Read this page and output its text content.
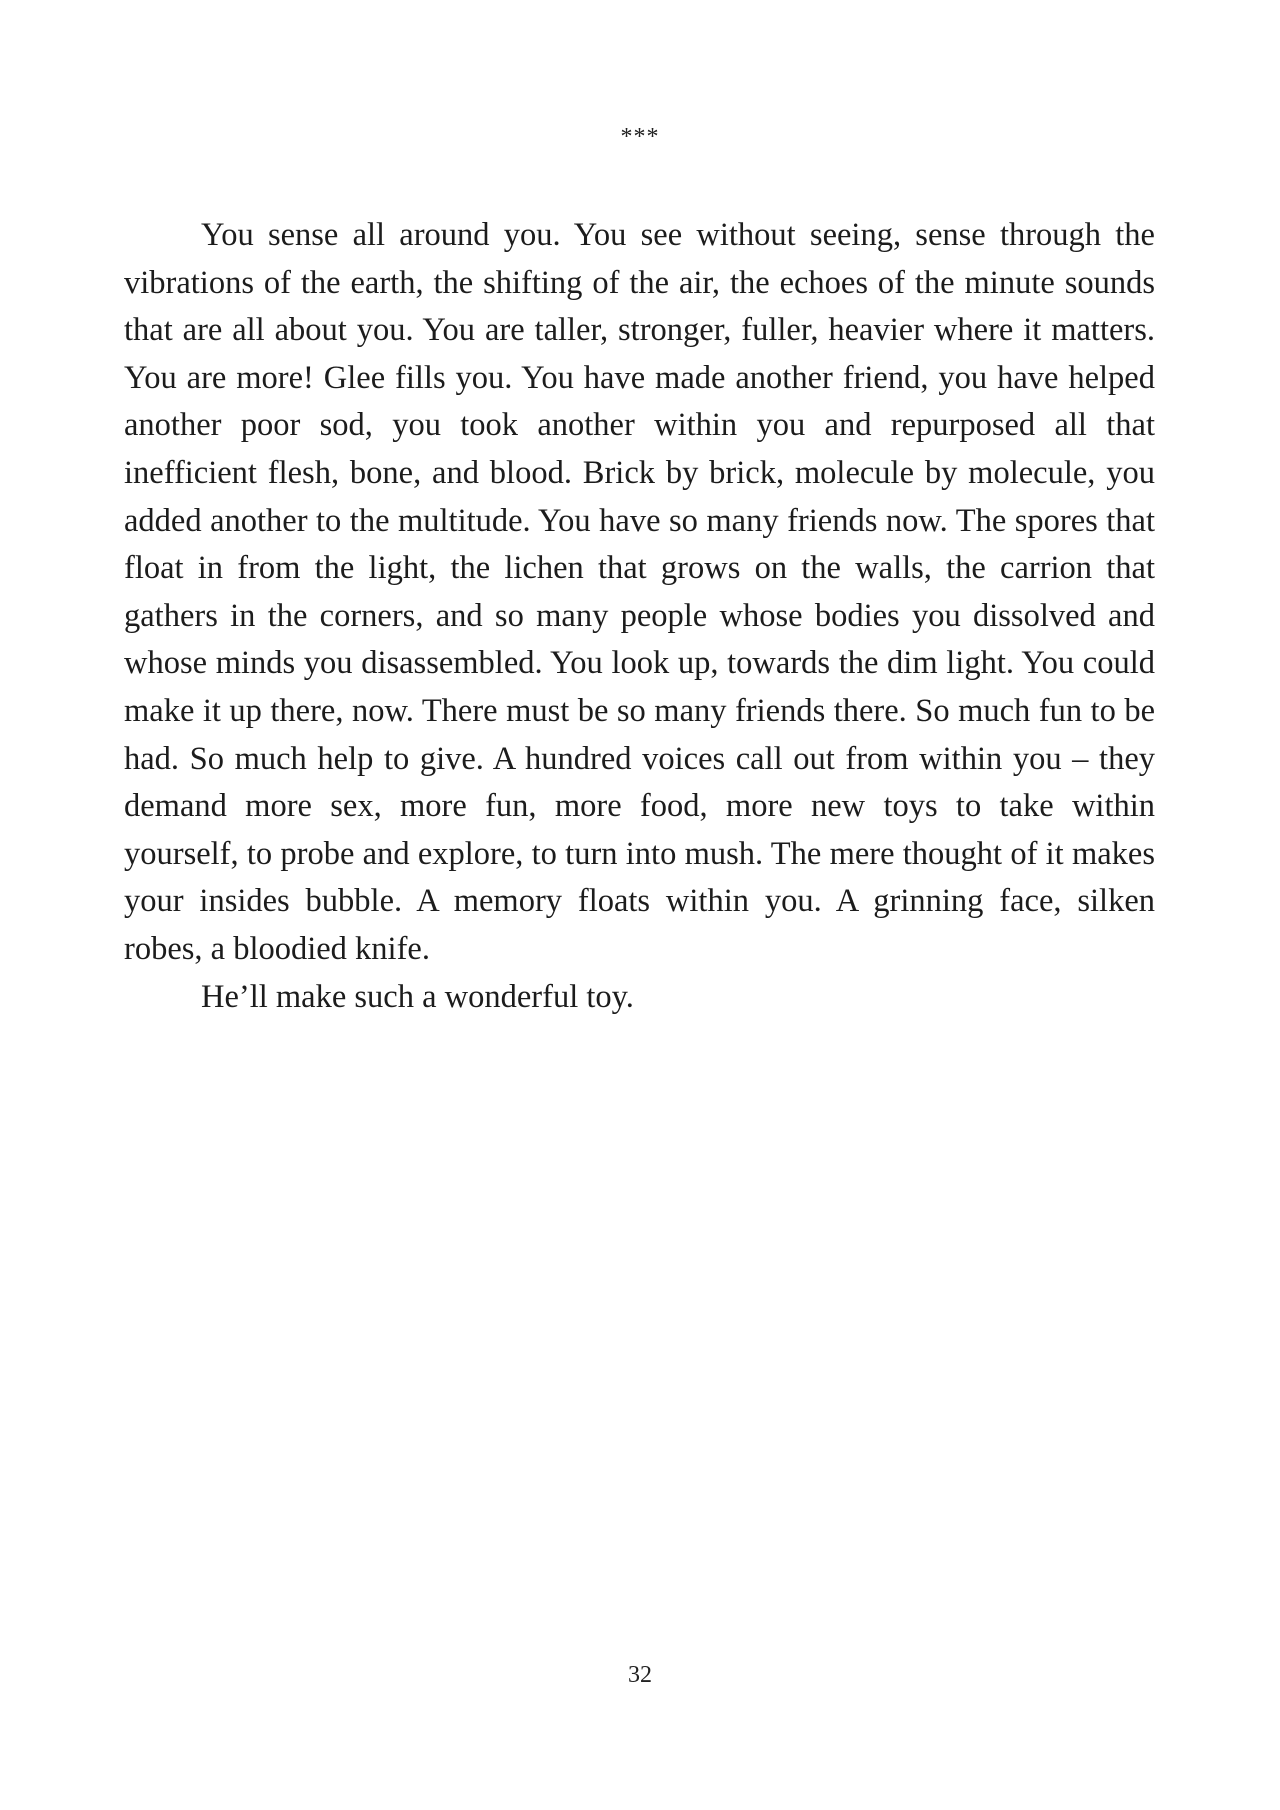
***

You sense all around you. You see without seeing, sense through the vibrations of the earth, the shifting of the air, the echoes of the minute sounds that are all about you. You are taller, stronger, fuller, heavier where it matters. You are more! Glee fills you. You have made another friend, you have helped another poor sod, you took another within you and repurposed all that inefficient flesh, bone, and blood. Brick by brick, molecule by molecule, you added another to the multitude. You have so many friends now. The spores that float in from the light, the lichen that grows on the walls, the carrion that gathers in the corners, and so many people whose bodies you dissolved and whose minds you disassembled. You look up, towards the dim light. You could make it up there, now. There must be so many friends there. So much fun to be had. So much help to give. A hundred voices call out from within you – they demand more sex, more fun, more food, more new toys to take within yourself, to probe and explore, to turn into mush. The mere thought of it makes your insides bubble. A memory floats within you. A grinning face, silken robes, a bloodied knife.

He’ll make such a wonderful toy.

32
